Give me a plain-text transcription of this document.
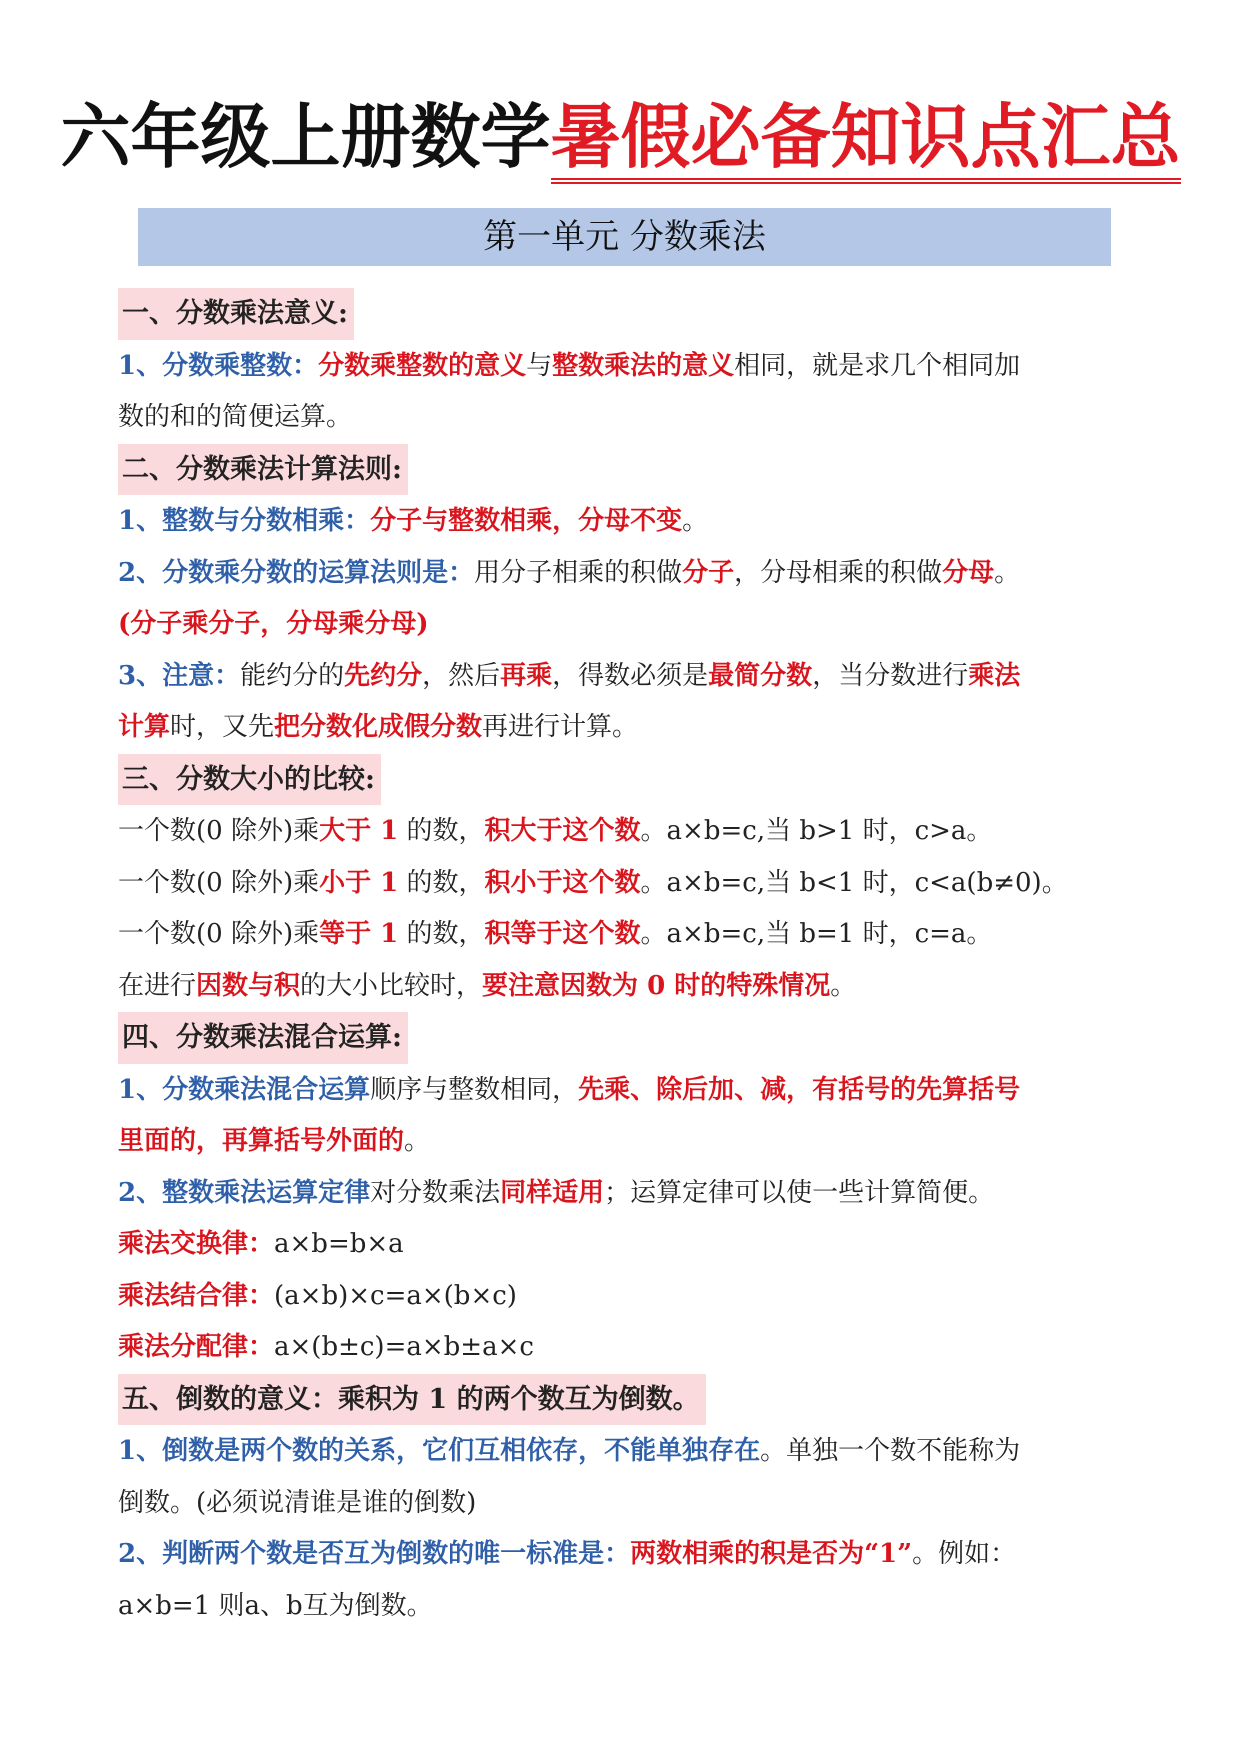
六年级上册数学暑假必备知识点汇总
第一单元 分数乘法
一、分数乘法意义:
1、分数乘整数：分数乘整数的意义与整数乘法的意义相同，就是求几个相同加
数的和的简便运算。
二、分数乘法计算法则:
1、整数与分数相乘：分子与整数相乘，分母不变。
2、分数乘分数的运算法则是：用分子相乘的积做分子，分母相乘的积做分母。
(分子乘分子，分母乘分母)
3、注意：能约分的先约分，然后再乘，得数必须是最简分数，当分数进行乘法
计算时，又先把分数化成假分数再进行计算。
三、分数大小的比较:
一个数(0 除外)乘大于 1 的数，积大于这个数。a×b=c,当 b>1 时，c>a。
一个数(0 除外)乘小于 1 的数，积小于这个数。a×b=c,当 b<1 时，c<a(b≠0)。
一个数(0 除外)乘等于 1 的数，积等于这个数。a×b=c,当 b=1 时，c=a。
在进行因数与积的大小比较时，要注意因数为 0 时的特殊情况。
四、分数乘法混合运算:
1、分数乘法混合运算顺序与整数相同，先乘、除后加、减，有括号的先算括号
里面的，再算括号外面的。
2、整数乘法运算定律对分数乘法同样适用；运算定律可以使一些计算简便。
乘法交换律：a×b=b×a
乘法结合律：(a×b)×c=a×(b×c)
乘法分配律：a×(b±c)=a×b±a×c
五、倒数的意义：乘积为 1 的两个数互为倒数。
1、倒数是两个数的关系，它们互相依存，不能单独存在。单独一个数不能称为
倒数。(必须说清谁是谁的倒数)
2、判断两个数是否互为倒数的唯一标准是：两数相乘的积是否为“1”。例如：
a×b=1 则a、b互为倒数。
